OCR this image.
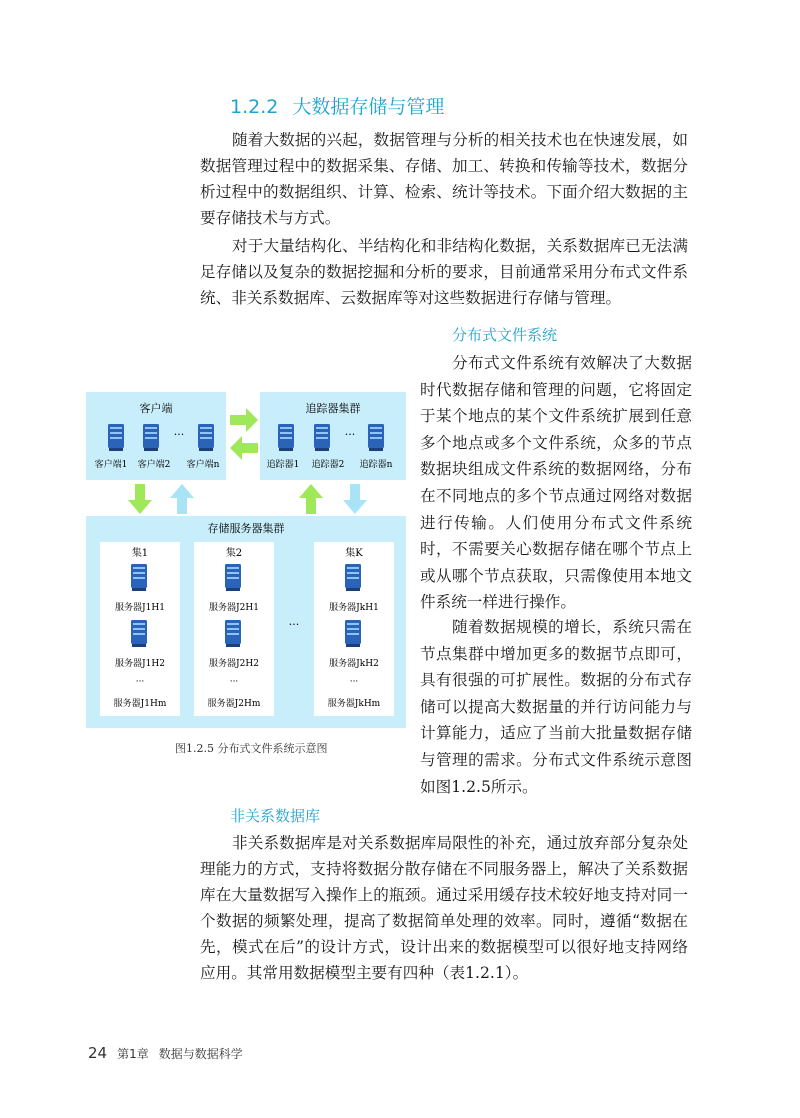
1.2.2 大数据存储与管理

随着大数据的兴起，数据管理与分析的相关技术也在快速发展，如数据管理过程中的数据采集、存储、加工、转换和传输等技术，数据分析过程中的数据组织、计算、检索、统计等技术。下面介绍大数据的主要存储技术与方式。

对于大量结构化、半结构化和非结构化数据，关系数据库已无法满足存储以及复杂的数据挖掘和分析的要求，目前通常采用分布式文件系统、非关系数据库、云数据库等对这些数据进行存储与管理。

分布式文件系统

分布式文件系统有效解决了大数据时代数据存储和管理的问题，它将固定于某个地点的某个文件系统扩展到任意多个地点或多个文件系统，众多的节点数据块组成文件系统的数据网络，分布在不同地点的多个节点通过网络对数据进行传输。人们使用分布式文件系统时，不需要关心数据存储在哪个节点上或从哪个节点获取，只需像使用本地文件系统一样进行操作。

随着数据规模的增长，系统只需在节点集群中增加更多的数据节点即可，具有很强的可扩展性。数据的分布式存储可以提高大数据量的并行访问能力与计算能力，适应了当前大批量数据存储与管理的需求。分布式文件系统示意图如图1.2.5所示。

客户端
···
客户端1 客户端2 客户端n
追踪器集群
···
追踪器1 追踪器2 追踪器n
存储服务器集群
集1
服务器J1H1
服务器J1H2
···
服务器J1Hm
集2
服务器J2H1
服务器J2H2
···
服务器J2Hm
···
集K
服务器JkH1
服务器JkH2
···
服务器JkHm
图1.2.5 分布式文件系统示意图
非关系数据库

非关系数据库是对关系数据库局限性的补充，通过放弃部分复杂处理能力的方式，支持将数据分散存储在不同服务器上，解决了关系数据库在大量数据写入操作上的瓶颈。通过采用缓存技术较好地支持对同一个数据的频繁处理，提高了数据简单处理的效率。同时，遵循“数据在先，模式在后”的设计方式，设计出来的数据模型可以很好地支持网络应用。其常用数据模型主要有四种（表1.2.1）。

24 第1章 数据与数据科学
